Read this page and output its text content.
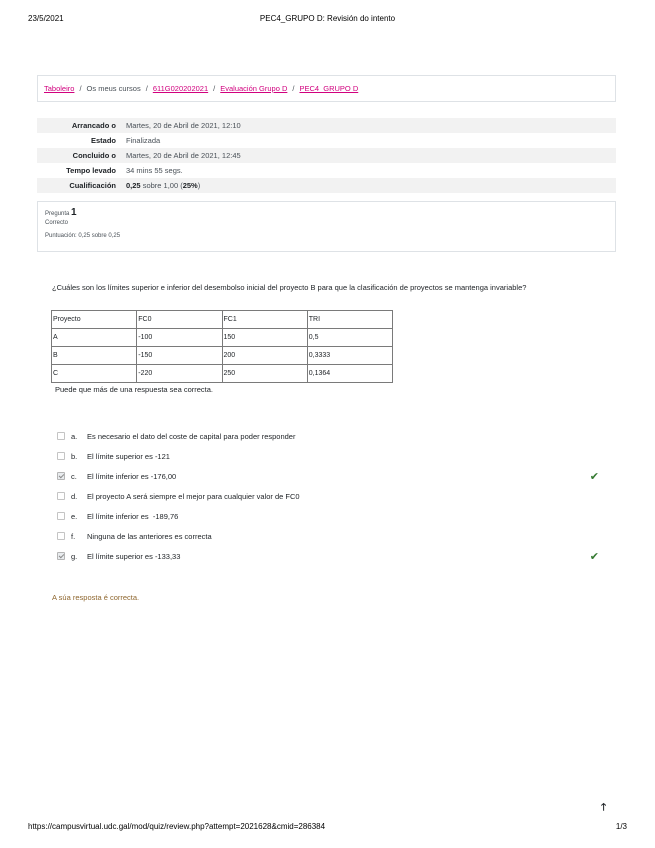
23/5/2021	PEC4_GRUPO D: Revisión do intento
Taboleiro / Os meus cursos / 611G020202021 / Evaluación Grupo D / PEC4_GRUPO D
Arrancado o	Martes, 20 de Abril de 2021, 12:10
Estado	Finalizada
Concluido o	Martes, 20 de Abril de 2021, 12:45
Tempo levado	34 mins 55 segs.
Cualificación	0,25 sobre 1,00 (25%)
Pregunta 1
Correcto
Puntuación: 0,25 sobre 0,25
¿Cuáles son los límites superior e inferior del desembolso inicial del proyecto B para que la clasificación de proyectos se mantenga invariable?
Proyecto	FC0	FC1	TRI
A	-100	150	0,5
B	-150	200	0,3333
C	-220	250	0,1364
Puede que más de una respuesta sea correcta.
a.	Es necesario el dato del coste de capital para poder responder
b.	El límite superior es -121
c.	El límite inferior es -176,00	✔
d.	El proyecto A será siempre el mejor para cualquier valor de FC0
e.	El límite inferior es  -189,76
f.	Ninguna de las anteriores es correcta
g.	El límite superior es -133,33	✔
A súa resposta é correcta.
🡑
https://campusvirtual.udc.gal/mod/quiz/review.php?attempt=2021628&cmid=286384	1/3
